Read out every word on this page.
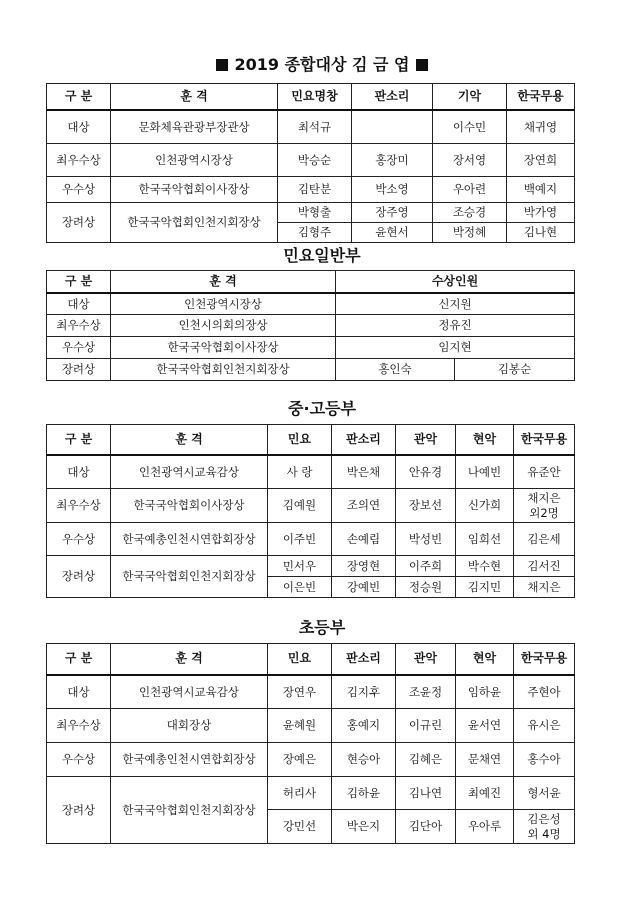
2019 종합대상 김 금 엽
구 분	훈 격	민요명창	판소리	기악	한국무용
대상	문화체육관광부장관상	최석규		이수민	채귀영
최우수상	인천광역시장상	박승순	홍장미	장서영	장연희
우수상	한국국악협회이사장상	김탄분	박소영	우아련	백예지
장려상	한국국악협회인천지회장상	박형출	장주영	조승경	박가영
		김형주	윤현서	박정혜	김나현
민요일반부
구 분	훈 격	수상인원	
대상	인천광역시장상	신지원	
최우수상	인천시의회의장상	정유진	
우수상	한국국악협회이사장상	임지현	
장려상	한국국악협회인천지회장상	홍인숙	김봉순
중·고등부
구 분	훈 격	민요	판소리	관악	현악	한국무용
대상	인천광역시교육감상	사 랑	박은채	안유경	나예빈	유준안
최우수상	한국국악협회이사장상	김예원	조의연	장보선	신가희	채지은
외2명

우수상	한국예총인천시연합회장상	이주빈	손예림	박성빈	임희선	김은세
장려상	한국국악협회인천지회장상	민서우	장영현	이주희	박수현	김서진
		이은빈	강예빈	정승원	김지민	채지은
초등부
구 분	훈 격	민요	판소리	관악	현악	한국무용
대상	인천광역시교육감상	장연우	김지후	조윤정	임하윤	주현아
최우수상	대회장상	윤혜원	홍예지	이규린	윤서연	유시은
우수상	한국예총인천시연합회장상	장예은	현승아	김혜은	문채연	홍수아
장려상	한국국악협회인천지회장상	허리사	김하윤	김나연	최예진	형서윤
		강민선	박은지	김단아	우아루	김은성
외 4명
